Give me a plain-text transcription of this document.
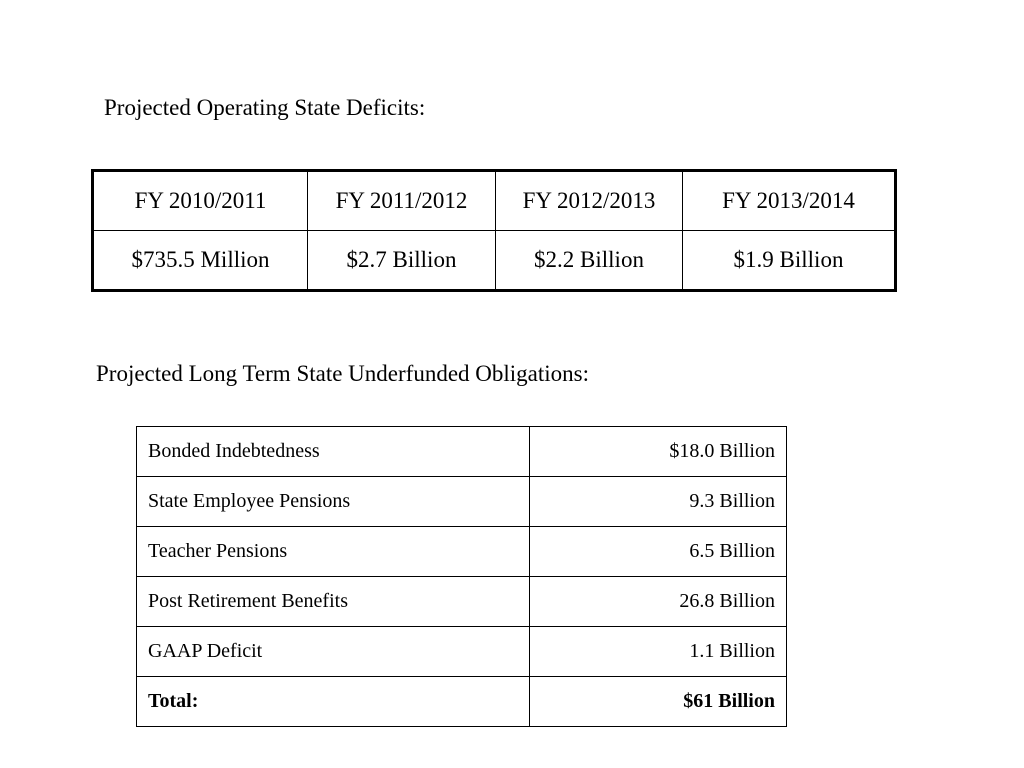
Projected Operating State Deficits:
FY 2010/2011	FY 2011/2012	FY 2012/2013	FY 2013/2014
$735.5 Million	$2.7 Billion	$2.2 Billion	$1.9 Billion
Projected Long Term State Underfunded Obligations:
Bonded Indebtedness	$18.0 Billion
State Employee Pensions	9.3 Billion
Teacher Pensions	6.5 Billion
Post Retirement Benefits	26.8 Billion
GAAP Deficit	1.1 Billion
Total:	$61 Billion
